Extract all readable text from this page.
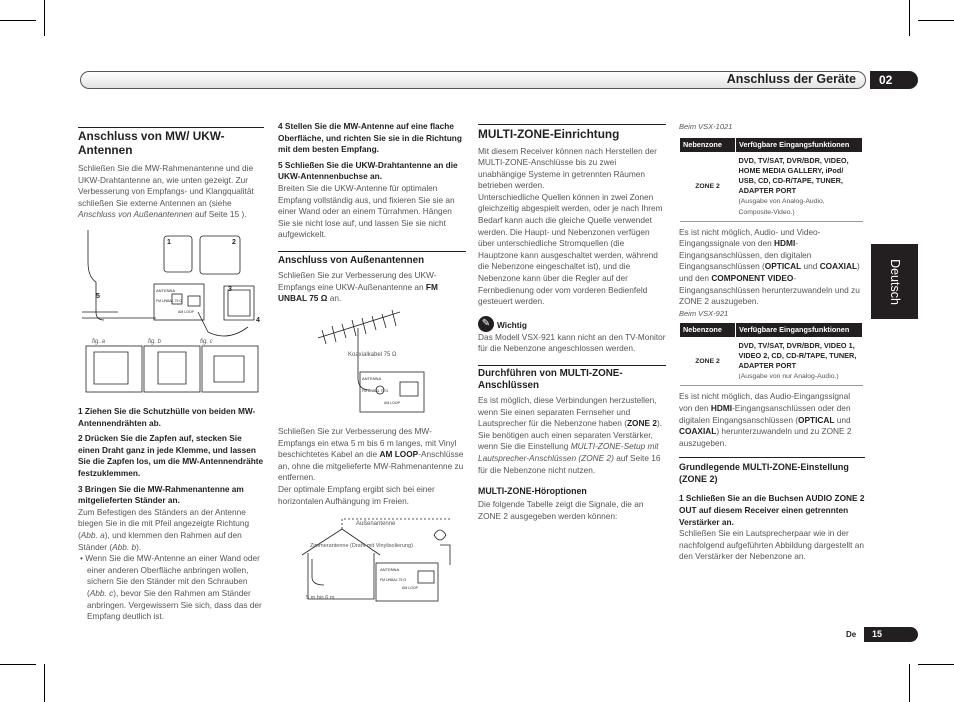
Anschluss der Geräte	02
Deutsch
De	15
Anschluss von MW/ UKW-Antennen

Schließen Sie die MW-Rahmenantenne und die UKW-Drahtantenne an, wie unten gezeigt. Zur Verbesserung von Empfangs- und Klangqualität schließen Sie externe Antennen an (siehe Anschluss von Außenantennen auf Seite 15 ).

1	2
3
4
5
ANTENNA
FM UNBAL 75 Ω
AM LOOP
fig. a	fig. b	fig. c

1 Ziehen Sie die Schutzhülle von beiden MW-Antennendrähten ab.

2 Drücken Sie die Zapfen auf, stecken Sie einen Draht ganz in jede Klemme, und lassen Sie die Zapfen los, um die MW-Antennendrähte festzuklemmen.

3 Bringen Sie die MW-Rahmenantenne am mitgelieferten Ständer an.

Zum Befestigen des Ständers an der Antenne biegen Sie in die mit Pfeil angezeigte Richtung (Abb. a), und klemmen den Rahmen auf den Ständer (Abb. b).

• Wenn Sie die MW-Antenne an einer Wand oder einer anderen Oberfläche anbringen wollen, sichern Sie den Ständer mit den Schrauben (Abb. c), bevor Sie den Rahmen am Ständer anbringen. Vergewissern Sie sich, dass das der Empfang deutlich ist.

4 Stellen Sie die MW-Antenne auf eine flache Oberfläche, und richten Sie sie in die Richtung mit dem besten Empfang.

5 Schließen Sie die UKW-Drahtantenne an die UKW-Antennenbuchse an.

Breiten Sie die UKW-Antenne für optimalen Empfang vollständig aus, und fixieren Sie sie an einer Wand oder an einem Türrahmen. Hängen Sie sie nicht lose auf, und lassen Sie sie nicht aufgewickelt.

Anschluss von Außenantennen

Schließen Sie zur Verbesserung des UKW-Empfangs eine UKW-Außenantenne an FM UNBAL 75 Ω an.

Koaxialkabel 75 Ω
ANTENNA
FM UNBAL 75 Ω
AM LOOP

Schließen Sie zur Verbesserung des MW-Empfangs ein etwa 5 m bis 6 m langes, mit Vinyl beschichtetes Kabel an die AM LOOP-Anschlüsse an, ohne die mitgelieferte MW-Rahmenantenne zu entfernen.

Der optimale Empfang ergibt sich bei einer horizontalen Aufhängung im Freien.

Außenantenne
Zimmerantenne (Draht mit Vinylisolierung)
5 m bis 6 m
ANTENNA
FM UNBAL 75 Ω
AM LOOP
MULTI-ZONE-Einrichtung

Mit diesem Receiver können nach Herstellen der MULTI-ZONE-Anschlüsse bis zu zwei unabhängige Systeme in getrennten Räumen betrieben werden.

Unterschiedliche Quellen können in zwei Zonen gleichzeitig abgespielt werden, oder je nach Ihrem Bedarf kann auch die gleiche Quelle verwendet werden. Die Haupt- und Nebenzonen verfügen über unterschiedliche Stromquellen (die Hauptzone kann ausgeschaltet werden, während die Nebenzone eingeschaltet ist), und die Nebenzone kann über die Regler auf der Fernbedienung oder vom vorderen Bedienfeld gesteuert werden.

✎ Wichtig

Das Modell VSX-921 kann nicht an den TV-Monitor für die Nebenzone angeschlossen werden.

Durchführen von MULTI-ZONE-Anschlüssen

Es ist möglich, diese Verbindungen herzustellen, wenn Sie einen separaten Fernseher und Lautsprecher für die Nebenzone haben (ZONE 2). Sie benötigen auch einen separaten Verstärker, wenn Sie die Einstellung MULTI-ZONE-Setup mit Lautsprecher-Anschlüssen (ZONE 2) auf Seite 16 für die Nebenzone nicht nutzen.

MULTI-ZONE-Höroptionen

Die folgende Tabelle zeigt die Signale, die an ZONE 2 ausgegeben werden können:

Beim VSX-1021

Nebenzone	Verfügbare Eingangsfunktionen
ZONE 2	DVD, TV/SAT, DVR/BDR, VIDEO, HOME MEDIA GALLERY, iPod/ USB, CD, CD-R/TAPE, TUNER, ADAPTER PORT
(Ausgabe von Analog-Audio, Composite-Video.)

Es ist nicht möglich, Audio- und Video-Eingangssignale von den HDMI-Eingangsanschlüssen, den digitalen Eingangsanschlüssen (OPTICAL und COAXIAL) und den COMPONENT VIDEO-Eingangsanschlüssen herunterzuwandeln und zu ZONE 2 auszugeben.

Beim VSX-921

Nebenzone	Verfügbare Eingangsfunktionen
ZONE 2	DVD, TV/SAT, DVR/BDR, VIDEO 1, VIDEO 2, CD, CD-R/TAPE, TUNER, ADAPTER PORT
(Ausgabe von nur Analog-Audio.)

Es ist nicht möglich, das Audio-Eingangssignal von den HDMI-Eingangsanschlüssen oder den digitalen Eingangsanschlüssen (OPTICAL und COAXIAL) herunterzuwandeln und zu ZONE 2 auszugeben.

Grundlegende MULTI-ZONE-Einstellung (ZONE 2)

1 Schließen Sie an die Buchsen AUDIO ZONE 2 OUT auf diesem Receiver einen getrennten Verstärker an.

Schließen Sie ein Lautsprecherpaar wie in der nachfolgend aufgeführten Abbildung dargestellt an den Verstärker der Nebenzone an.
